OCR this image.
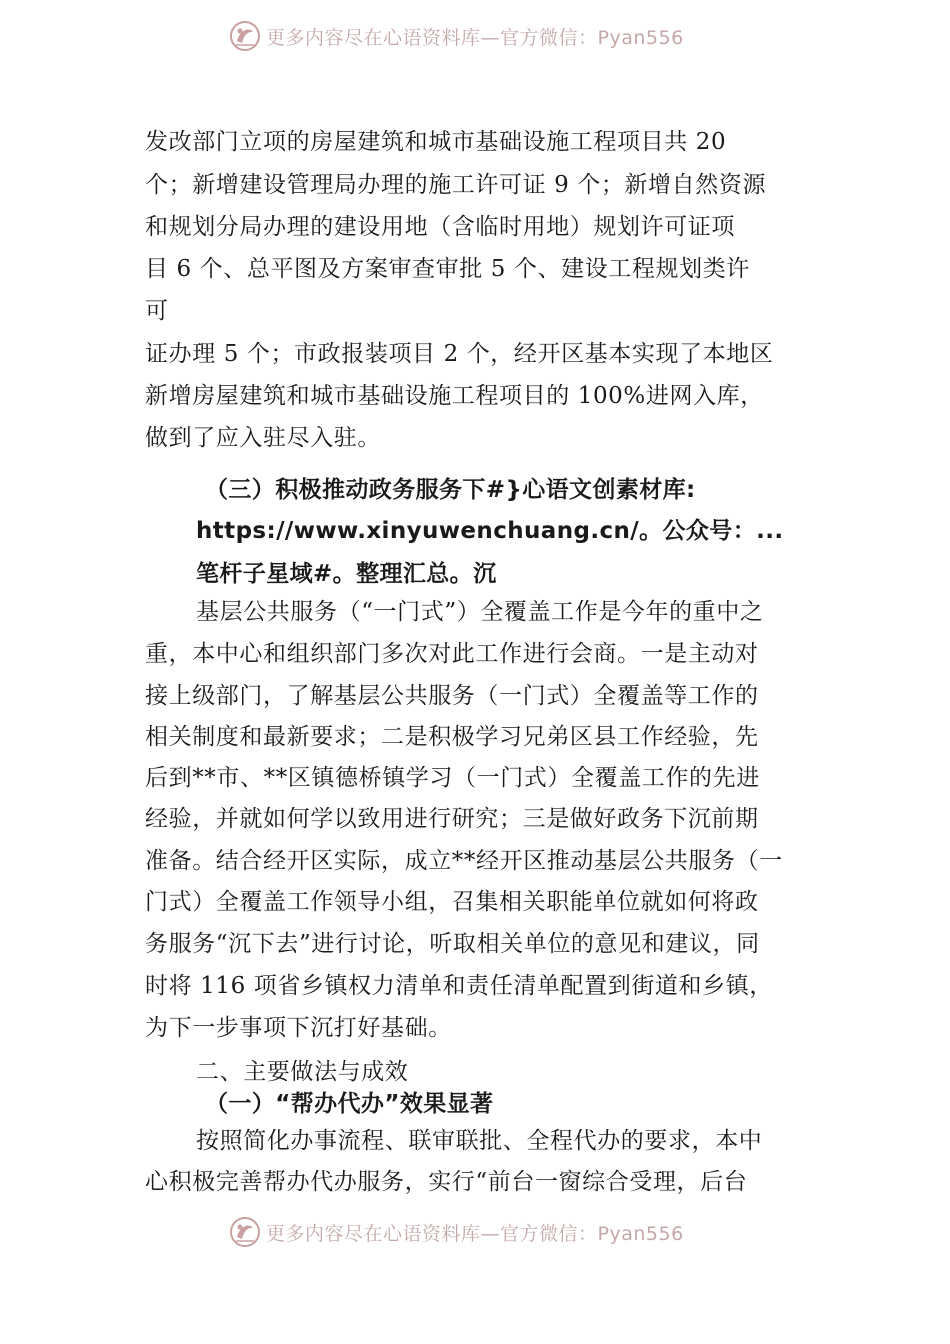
更多内容尽在心语资料库—官方微信：Pyan556
发改部门立项的房屋建筑和城市基础设施工程项目共 20
个；新增建设管理局办理的施工许可证 9 个；新增自然资源
和规划分局办理的建设用地（含临时用地）规划许可证项
目 6 个、总平图及方案审查审批 5 个、建设工程规划类许
可
证办理 5 个；市政报装项目 2 个，经开区基本实现了本地区
新增房屋建筑和城市基础设施工程项目的 100%进网入库，
做到了应入驻尽入驻。
（三）积极推动政务服务下#}心语文创素材库:
https://www.xinyuwenchuang.cn/。公众号：...
笔杆子星域#。整理汇总。沉
基层公共服务（“一门式”）全覆盖工作是今年的重中之
重，本中心和组织部门多次对此工作进行会商。一是主动对
接上级部门，了解基层公共服务（一门式）全覆盖等工作的
相关制度和最新要求；二是积极学习兄弟区县工作经验，先
后到**市、**区镇德桥镇学习（一门式）全覆盖工作的先进
经验，并就如何学以致用进行研究；三是做好政务下沉前期
准备。结合经开区实际，成立**经开区推动基层公共服务（一
门式）全覆盖工作领导小组，召集相关职能单位就如何将政
务服务“沉下去”进行讨论，听取相关单位的意见和建议，同
时将 116 项省乡镇权力清单和责任清单配置到街道和乡镇，
为下一步事项下沉打好基础。
二、主要做法与成效
（一）“帮办代办”效果显著
按照简化办事流程、联审联批、全程代办的要求，本中
心积极完善帮办代办服务，实行“前台一窗综合受理，后台
更多内容尽在心语资料库—官方微信：Pyan556
